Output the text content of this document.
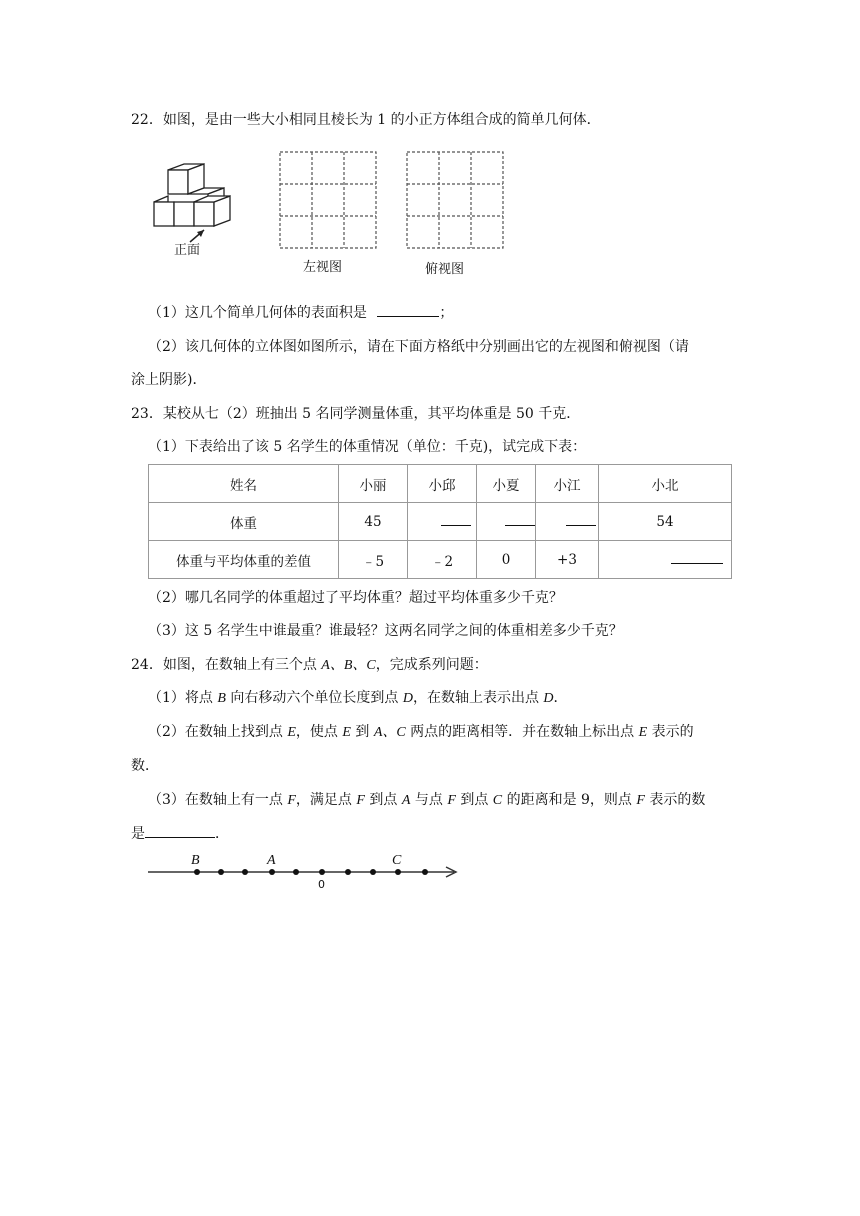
22．如图，是由一些大小相同且棱长为 1 的小正方体组合成的简单几何体．
正面
左视图	俯视图
（1）这几个简单几何体的表面积是	；
（2）该几何体的立体图如图所示，请在下面方格纸中分别画出它的左视图和俯视图（请
涂上阴影)．
23．某校从七（2）班抽出 5 名同学测量体重，其平均体重是 50 千克．
（1）下表给出了该 5 名学生的体重情况（单位：千克)，试完成下表：
姓名	小丽	小邱	小夏	小江	小北
体重	45				54
体重与平均体重的差值	﹣5	﹣2	0	+3	
（2）哪几名同学的体重超过了平均体重？超过平均体重多少千克？
（3）这 5 名学生中谁最重？谁最轻？这两名同学之间的体重相差多少千克？
24．如图，在数轴上有三个点 A、B、C，完成系列问题：
（1）将点 B 向右移动六个单位长度到点 D，在数轴上表示出点 D．
（2）在数轴上找到点 E，使点 E 到 A、C 两点的距离相等．并在数轴上标出点 E 表示的
数．
（3）在数轴上有一点 F，满足点 F 到点 A 与点 F 到点 C 的距离和是 9，则点 F 表示的数
是	．
B	A	C
0
